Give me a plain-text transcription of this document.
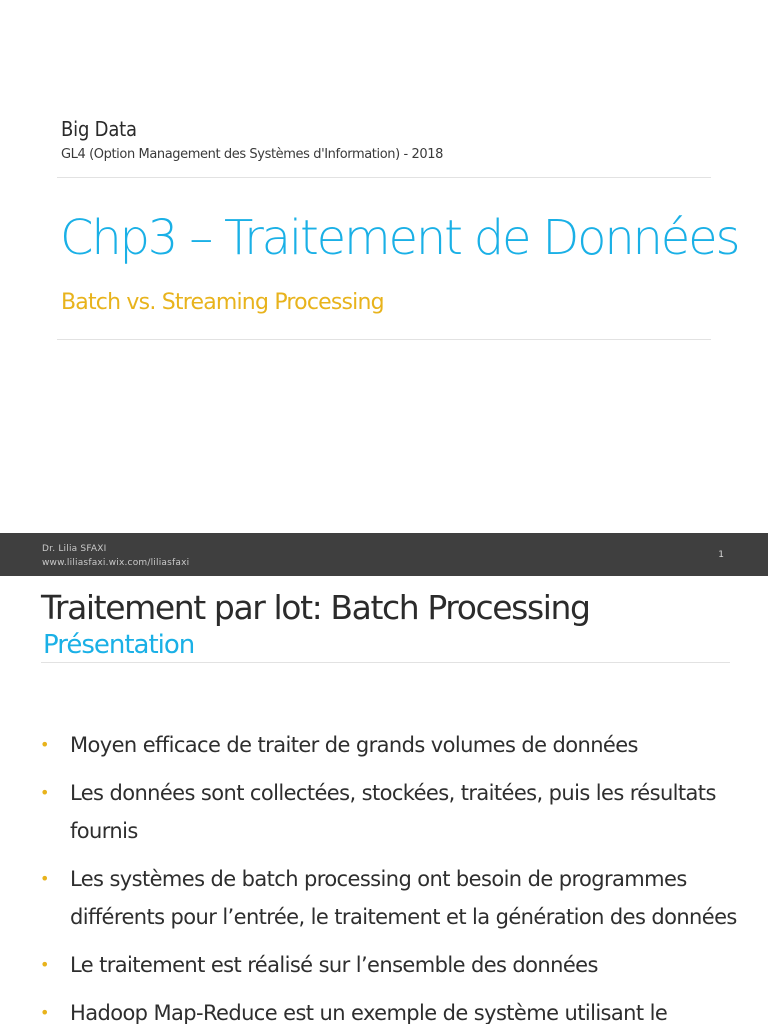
Big Data
GL4 (Option Management des Systèmes d'Information) - 2018
Chp3 – Traitement de Données
Batch vs. Streaming Processing
Dr. Lilia SFAXI
www.liliasfaxi.wix.com/liliasfaxi
1
Traitement par lot: Batch Processing
Présentation
• Moyen efficace de traiter de grands volumes de données
• Les données sont collectées, stockées, traitées, puis les résultats fournis
• Les systèmes de batch processing ont besoin de programmes différents pour l’entrée, le traitement et la génération des données
• Le traitement est réalisé sur l’ensemble des données
• Hadoop Map-Reduce est un exemple de système utilisant le
